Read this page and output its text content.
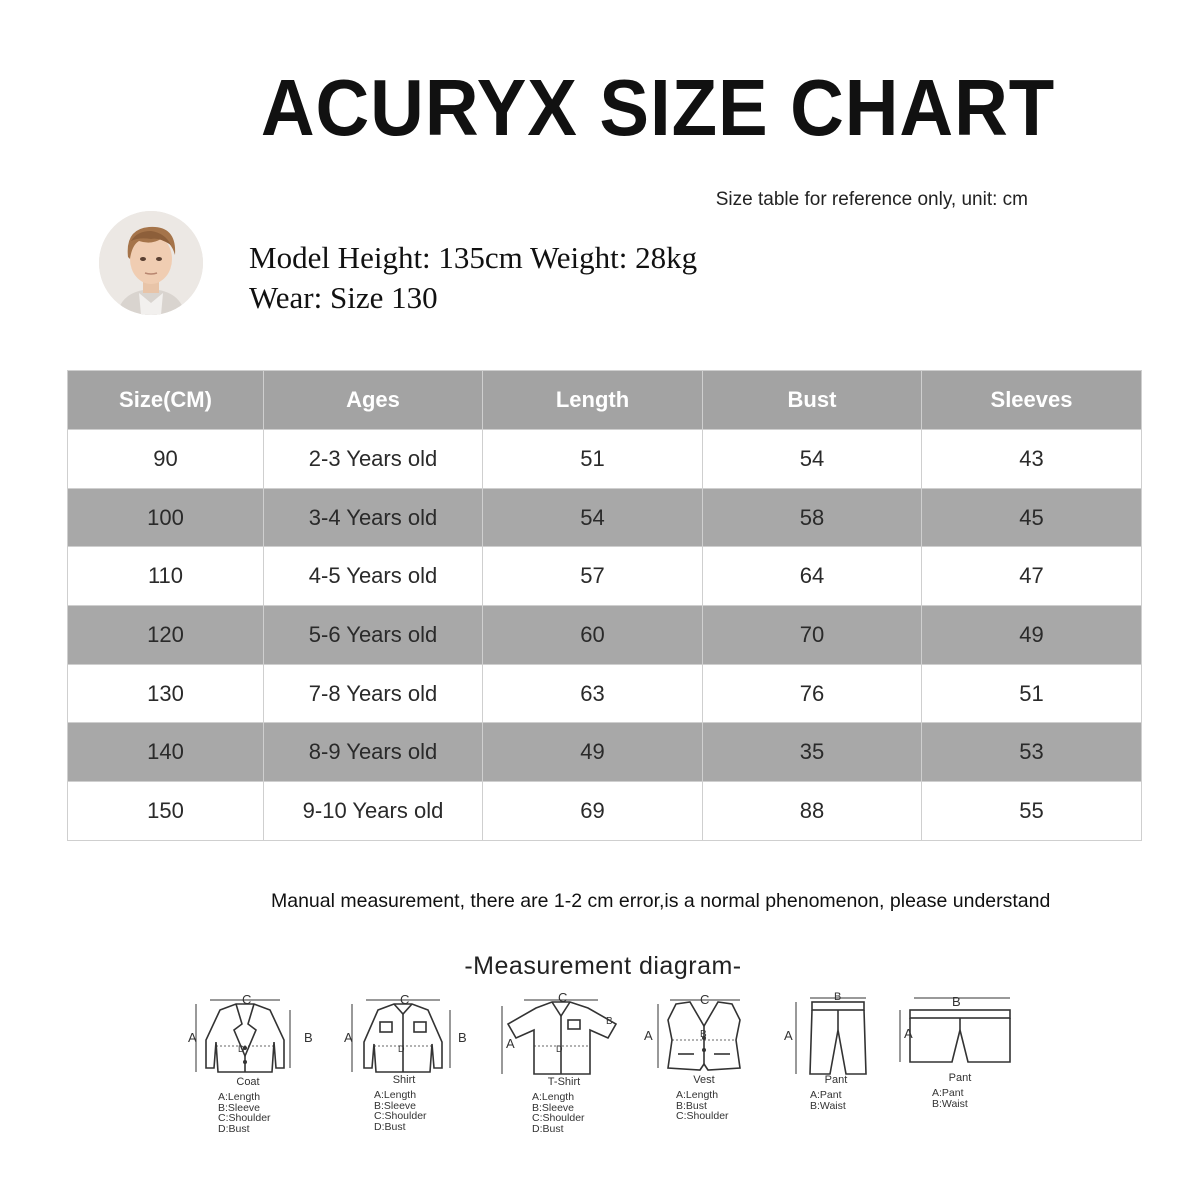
ACURYX SIZE CHART
Size table for reference only, unit: cm
Model Height: 135cm Weight: 28kg
Wear: Size 130
Size(CM)	Ages	Length	Bust	Sleeves
90	2-3 Years old	51	54	43
100	3-4 Years old	54	58	45
110	4-5 Years old	57	64	47
120	5-6 Years old	60	70	49
130	7-8 Years old	63	76	51
140	8-9 Years old	49	35	53
150	9-10 Years old	69	88	55
Manual measurement, there are 1-2 cm error,is a normal phenomenon, please understand
-Measurement diagram-
A	B
C
D
Coat
A:Length
B:Sleeve
C:Shoulder
D:Bust
A	B
C
D
Shirt
A:Length
B:Sleeve
C:Shoulder
D:Bust
A
B
C
D
T-Shirt
A:Length
B:Sleeve
C:Shoulder
D:Bust
A	B
C
Vest
A:Length
B:Bust
C:Shoulder
A
B
Pant
A:Pant
B:Waist
A
B
Pant
A:Pant
B:Waist
